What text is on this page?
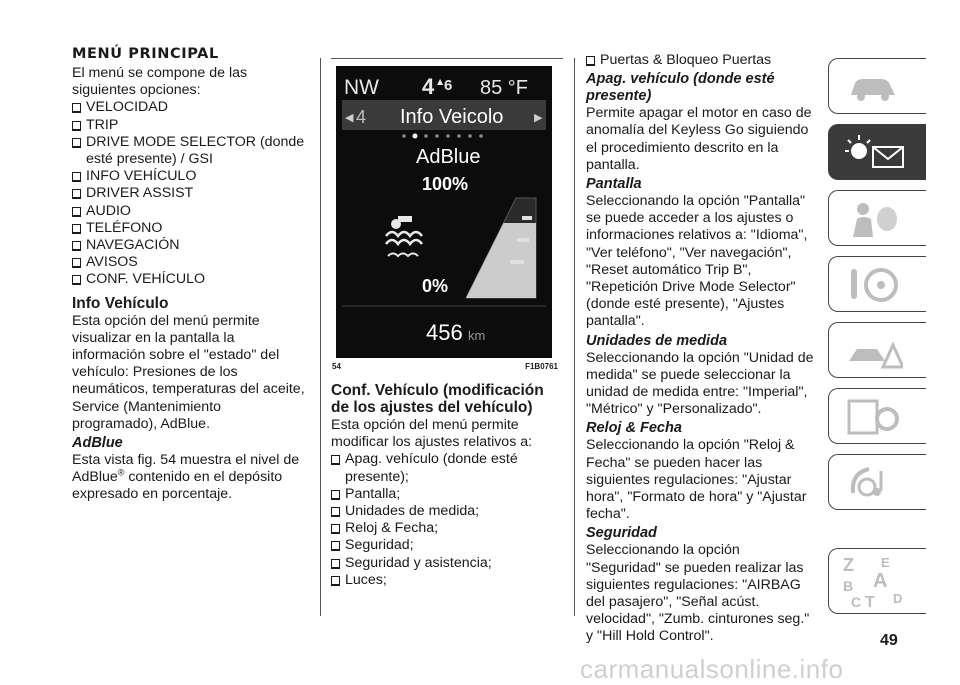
MENÚ PRINCIPAL

El menú se compone de las siguientes opciones:

VELOCIDAD
TRIP
DRIVE MODE SELECTOR (donde esté presente) / GSI
INFO VEHÍCULO
DRIVER ASSIST
AUDIO
TELÉFONO
NAVEGACIÓN
AVISOS
CONF. VEHÍCULO
Info Vehículo

Esta opción del menú permite visualizar en la pantalla la información sobre el "estado" del vehículo: Presiones de los neumáticos, temperaturas del aceite, Service (Mantenimiento programado), AdBlue.

AdBlue

Esta vista fig. 54 muestra el nivel de AdBlue® contenido en el depósito expresado en porcentaje.

NW 4 ▲ 6 85 °F
◀ 4 Info Veicolo	▶
AdBlue
100%
0%
456 km
54	F1B0761
Conf. Vehículo (modificación de los ajustes del vehículo)

Esta opción del menú permite modificar los ajustes relativos a:

Apag. vehículo (donde esté presente);
Pantalla;
Unidades de medida;
Reloj & Fecha;
Seguridad;
Seguridad y asistencia;
Luces;
Puertas & Bloqueo Puertas
Apag. vehículo (donde esté presente)

Permite apagar el motor en caso de anomalía del Keyless Go siguiendo el procedimiento descrito en la pantalla.

Pantalla

Seleccionando la opción "Pantalla" se puede acceder a los ajustes o informaciones relativos a: "Idioma", "Ver teléfono", "Ver navegación", "Reset automático Trip B", "Repetición Drive Mode Selector" (donde esté presente), "Ajustes pantalla".

Unidades de medida

Seleccionando la opción "Unidad de medida" se puede seleccionar la unidad de medida entre: "Imperial", "Métrico" y "Personalizado".

Reloj & Fecha

Seleccionando la opción "Reloj & Fecha" se pueden hacer las siguientes regulaciones: "Ajustar hora", "Formato de hora" y "Ajustar fecha".

Seguridad

Seleccionando la opción "Seguridad" se pueden realizar las siguientes regulaciones: "AIRBAG del pasajero", "Señal acúst. velocidad", "Zumb. cinturones seg." y "Hill Hold Control".

Z E
A
B
C T D
49
carmanualsonline.info
